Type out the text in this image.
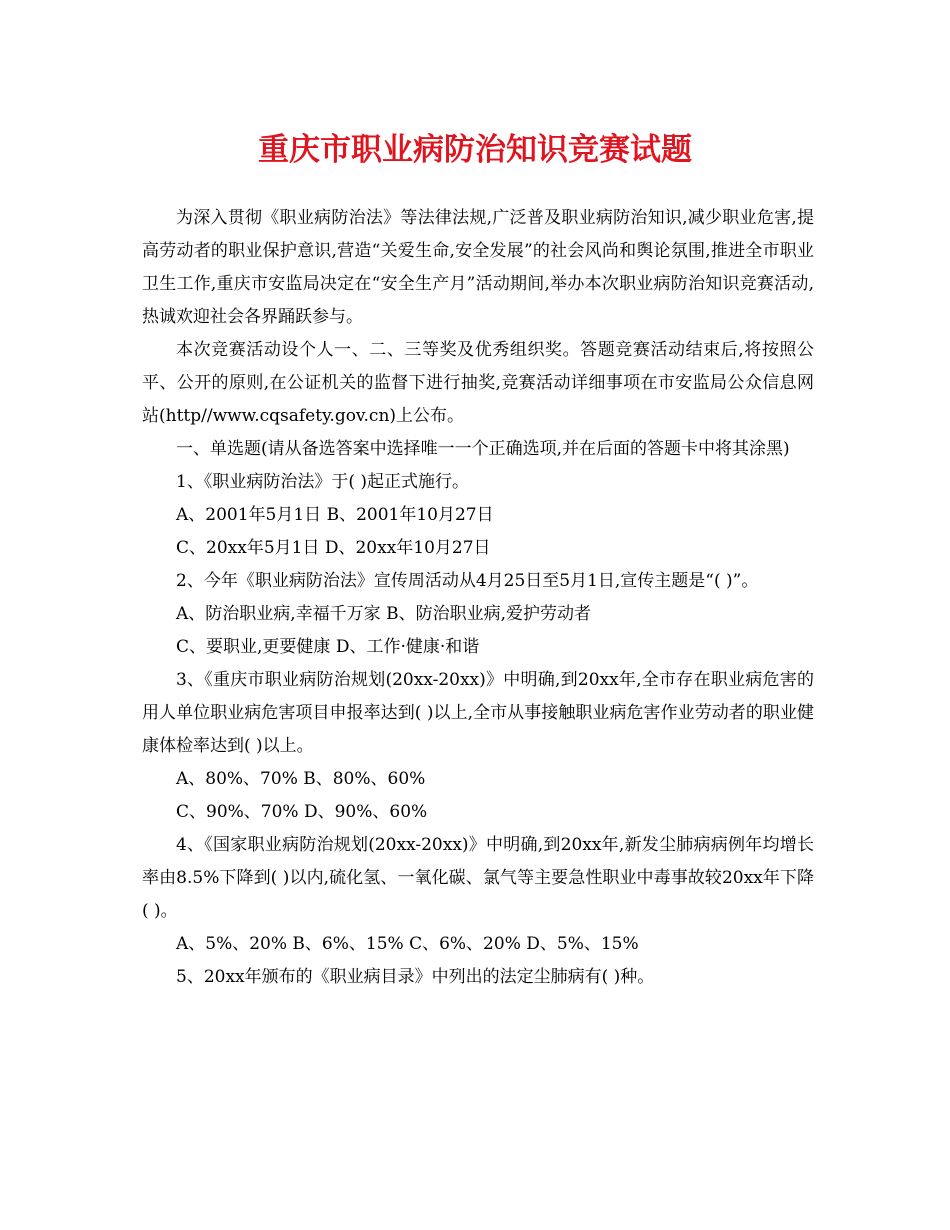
重庆市职业病防治知识竞赛试题

为深入贯彻《职业病防治法》等法律法规,广泛普及职业病防治知识,减少职业危害,提高劳动者的职业保护意识,营造“关爱生命,安全发展”的社会风尚和舆论氛围,推进全市职业卫生工作,重庆市安监局决定在“安全生产月”活动期间,举办本次职业病防治知识竞赛活动,热诚欢迎社会各界踊跃参与。

本次竞赛活动设个人一、二、三等奖及优秀组织奖。答题竞赛活动结束后,将按照公平、公开的原则,在公证机关的监督下进行抽奖,竞赛活动详细事项在市安监局公众信息网站(http//www.cqsafety.gov.cn)上公布。

一、单选题(请从备选答案中选择唯一一个正确选项,并在后面的答题卡中将其涂黑)

1、《职业病防治法》于( )起正式施行。

A、2001年5月1日 B、2001年10月27日

C、20xx年5月1日 D、20xx年10月27日

2、今年《职业病防治法》宣传周活动从4月25日至5月1日,宣传主题是“( )”。

A、防治职业病,幸福千万家 B、防治职业病,爱护劳动者

C、要职业,更要健康 D、工作·健康·和谐

3、《重庆市职业病防治规划(20xx-20xx)》中明确,到20xx年,全市存在职业病危害的用人单位职业病危害项目申报率达到( )以上,全市从事接触职业病危害作业劳动者的职业健康体检率达到( )以上。

A、80%、70% B、80%、60%

C、90%、70% D、90%、60%

4、《国家职业病防治规划(20xx-20xx)》中明确,到20xx年,新发尘肺病病例年均增长率由8.5%下降到( )以内,硫化氢、一氧化碳、氯气等主要急性职业中毒事故较20xx年下降( )。

A、5%、20% B、6%、15% C、6%、20% D、5%、15%

5、20xx年颁布的《职业病目录》中列出的法定尘肺病有( )种。
